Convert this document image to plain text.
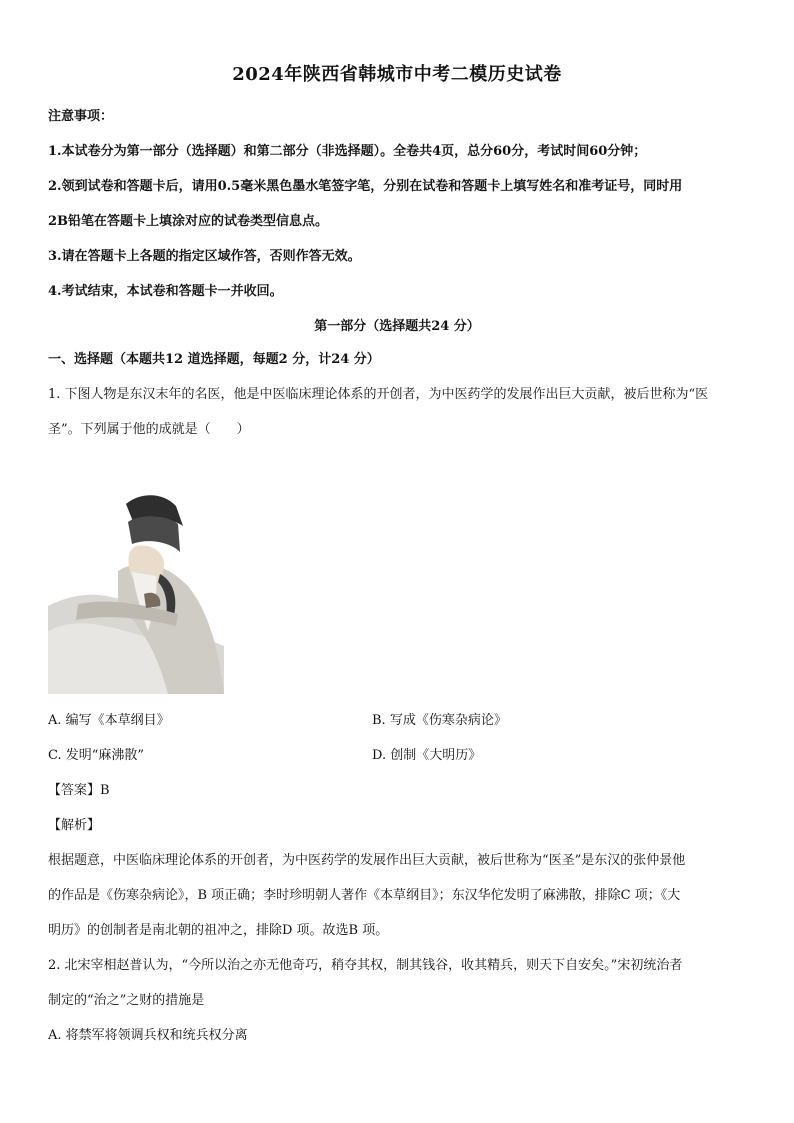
2024年陕西省韩城市中考二模历史试卷
注意事项：
1.本试卷分为第一部分（选择题）和第二部分（非选择题）。全卷共4页，总分60分，考试时间60分钟；
2.领到试卷和答题卡后，请用0.5毫米黑色墨水笔签字笔，分别在试卷和答题卡上填写姓名和准考证号，同时用
2B铅笔在答题卡上填涂对应的试卷类型信息点。
3.请在答题卡上各题的指定区域作答，否则作答无效。
4.考试结束，本试卷和答题卡一并收回。
第一部分（选择题共24 分）
一、选择题（本题共12 道选择题，每题2 分，计24 分）
1. 下图人物是东汉末年的名医，他是中医临床理论体系的开创者，为中医药学的发展作出巨大贡献，被后世称为“医
圣”。下列属于他的成就是（　　）
A. 编写《本草纲目》	B. 写成《伤寒杂病论》
C. 发明“麻沸散”	D. 创制《大明历》
【答案】B
【解析】
根据题意，中医临床理论体系的开创者，为中医药学的发展作出巨大贡献，被后世称为“医圣”是东汉的张仲景他
的作品是《伤寒杂病论》，B 项正确；李时珍明朝人著作《本草纲目》；东汉华佗发明了麻沸散，排除C 项；《大
明历》的创制者是南北朝的祖冲之，排除D 项。故选B 项。
2. 北宋宰相赵普认为，“今所以治之亦无他奇巧，稍夺其权，制其钱谷，收其精兵，则天下自安矣。”宋初统治者
制定的“治之”之财的措施是
A. 将禁军将领调兵权和统兵权分离
